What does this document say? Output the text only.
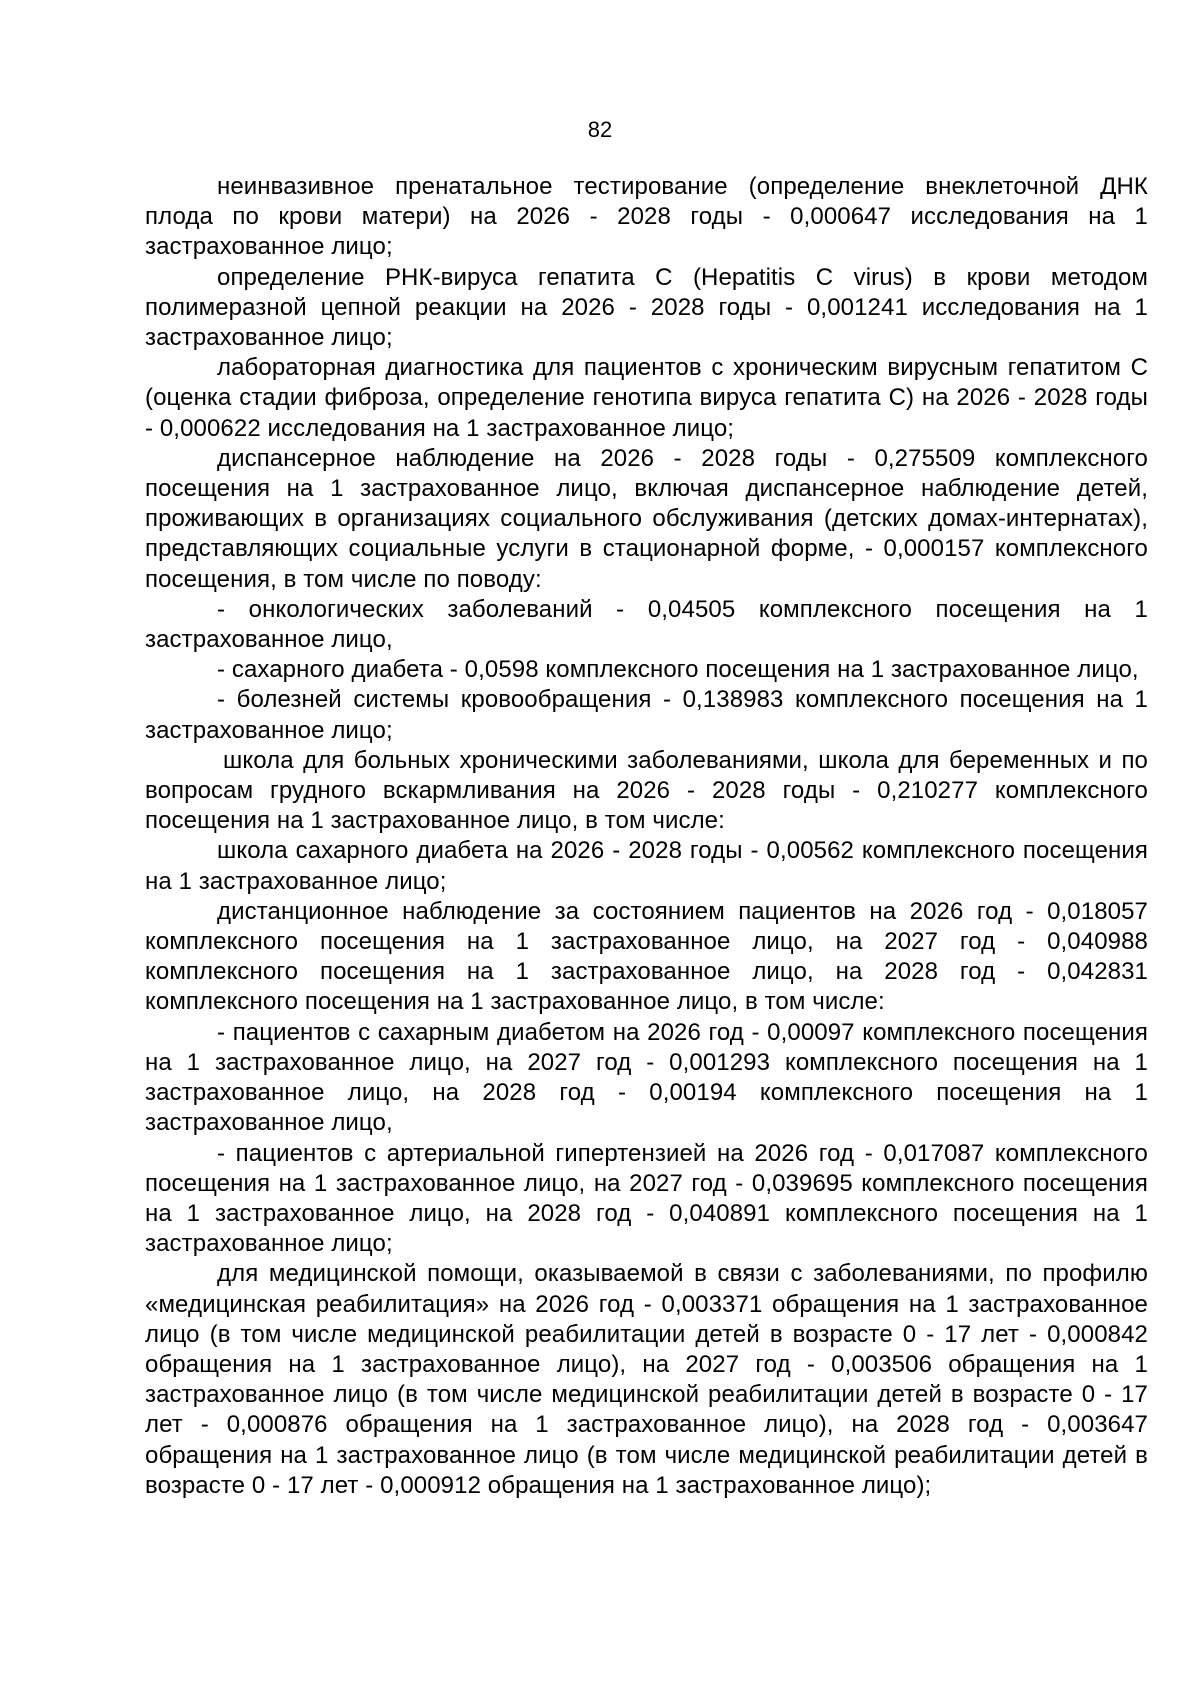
82

неинвазивное пренатальное тестирование (определение внеклеточной ДНК плода по крови матери) на 2026 - 2028 годы - 0,000647 исследования на 1 застрахованное лицо;

определение РНК-вируса гепатита С (Hepatitis C virus) в крови методом полимеразной цепной реакции на 2026 - 2028 годы - 0,001241 исследования на 1 застрахованное лицо;

лабораторная диагностика для пациентов с хроническим вирусным гепатитом С (оценка стадии фиброза, определение генотипа вируса гепатита С) на 2026 - 2028 годы - 0,000622 исследования на 1 застрахованное лицо;

диспансерное наблюдение на 2026 - 2028 годы - 0,275509 комплексного посещения на 1 застрахованное лицо, включая диспансерное наблюдение детей, проживающих в организациях социального обслуживания (детских домах-интернатах), представляющих социальные услуги в стационарной форме, - 0,000157 комплексного посещения, в том числе по поводу:

- онкологических заболеваний - 0,04505 комплексного посещения на 1 застрахованное лицо,

- сахарного диабета - 0,0598 комплексного посещения на 1 застрахованное лицо,

- болезней системы кровообращения - 0,138983 комплексного посещения на 1 застрахованное лицо;

школа для больных хроническими заболеваниями, школа для беременных и по вопросам грудного вскармливания на 2026 - 2028 годы - 0,210277 комплексного посещения на 1 застрахованное лицо, в том числе:

школа сахарного диабета на 2026 - 2028 годы - 0,00562 комплексного посещения на 1 застрахованное лицо;

дистанционное наблюдение за состоянием пациентов на 2026 год - 0,018057 комплексного посещения на 1 застрахованное лицо, на 2027 год - 0,040988 комплексного посещения на 1 застрахованное лицо, на 2028 год - 0,042831 комплексного посещения на 1 застрахованное лицо, в том числе:

- пациентов с сахарным диабетом на 2026 год - 0,00097 комплексного посещения на 1 застрахованное лицо, на 2027 год - 0,001293 комплексного посещения на 1 застрахованное лицо, на 2028 год - 0,00194 комплексного посещения на 1 застрахованное лицо,

- пациентов с артериальной гипертензией на 2026 год - 0,017087 комплексного посещения на 1 застрахованное лицо, на 2027 год - 0,039695 комплексного посещения на 1 застрахованное лицо, на 2028 год - 0,040891 комплексного посещения на 1 застрахованное лицо;

для медицинской помощи, оказываемой в связи с заболеваниями, по профилю «медицинская реабилитация» на 2026 год - 0,003371 обращения на 1 застрахованное лицо (в том числе медицинской реабилитации детей в возрасте 0 - 17 лет - 0,000842 обращения на 1 застрахованное лицо), на 2027 год - 0,003506 обращения на 1 застрахованное лицо (в том числе медицинской реабилитации детей в возрасте 0 - 17 лет - 0,000876 обращения на 1 застрахованное лицо), на 2028 год - 0,003647 обращения на 1 застрахованное лицо (в том числе медицинской реабилитации детей в возрасте 0 - 17 лет - 0,000912 обращения на 1 застрахованное лицо);
